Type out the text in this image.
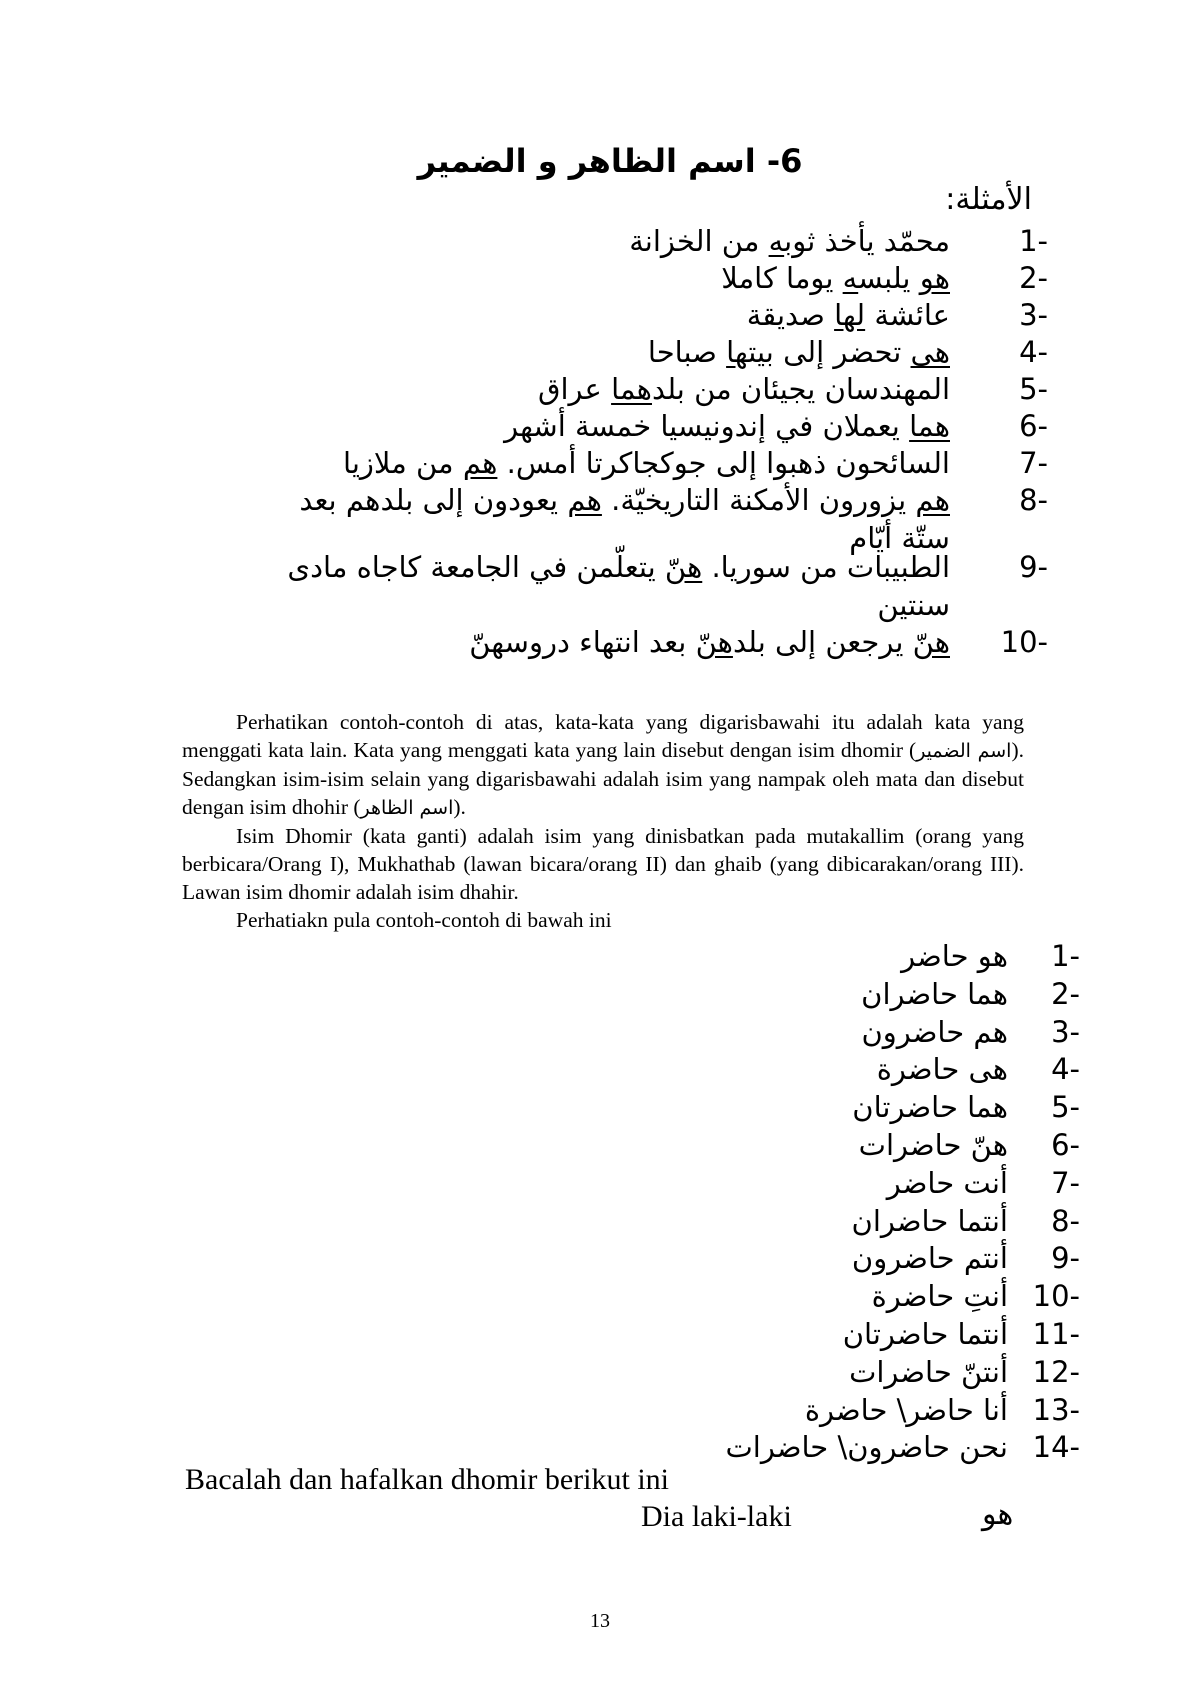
6- اسم الظاهر و الضمير
الأمثلة:
1-
محمّد يأخذ ثوبه من الخزانة
2-
هو يلبسه يوما كاملا
3-
عائشة لها صديقة
4-
هى تحضر إلى بيتها صباحا
5-
المهندسان يجيئان من بلدهما عراق
6-
هما يعملان في إندونيسيا خمسة أشهر
7-
السائحون ذهبوا إلى جوكجاكرتا أمس. هم من ملازيا
8-
هم يزورون الأمكنة التاريخيّة. هم يعودون إلى بلدهم بعد
ستّة أيّام
9-
الطبيبات من سوريا. هنّ يتعلّمن في الجامعة كاجاه مادى
سنتين
10-
هنّ يرجعن إلى بلدهنّ بعد انتهاء دروسهنّ

Perhatikan contoh-contoh di atas, kata-kata yang digarisbawahi itu adalah kata yang menggati kata lain. Kata yang menggati kata yang lain disebut dengan isim dhomir (اسم الضمير). Sedangkan isim-isim selain yang digarisbawahi adalah isim yang nampak oleh mata dan disebut dengan isim dhohir (اسم الظاهر).

Isim Dhomir (kata ganti) adalah isim yang dinisbatkan pada mutakallim (orang yang berbicara/Orang I), Mukhathab (lawan bicara/orang II) dan ghaib (yang dibicarakan/orang III). Lawan isim dhomir adalah isim dhahir.

Perhatiakn pula contoh-contoh di bawah ini

1-
هو حاضر
2-
هما حاضران
3-
هم حاضرون
4-
هى حاضرة
5-
هما حاضرتان
6-
هنّ حاضرات
7-
أنت حاضر
8-
أنتما حاضران
9-
أنتم حاضرون
10-
أنتِ حاضرة
11-
أنتما حاضرتان
12-
أنتنّ حاضرات
13-
أنا حاضر\ حاضرة
14-
نحن حاضرون\ حاضرات
Bacalah dan hafalkan dhomir berikut ini
Dia laki-laki	هو
13
